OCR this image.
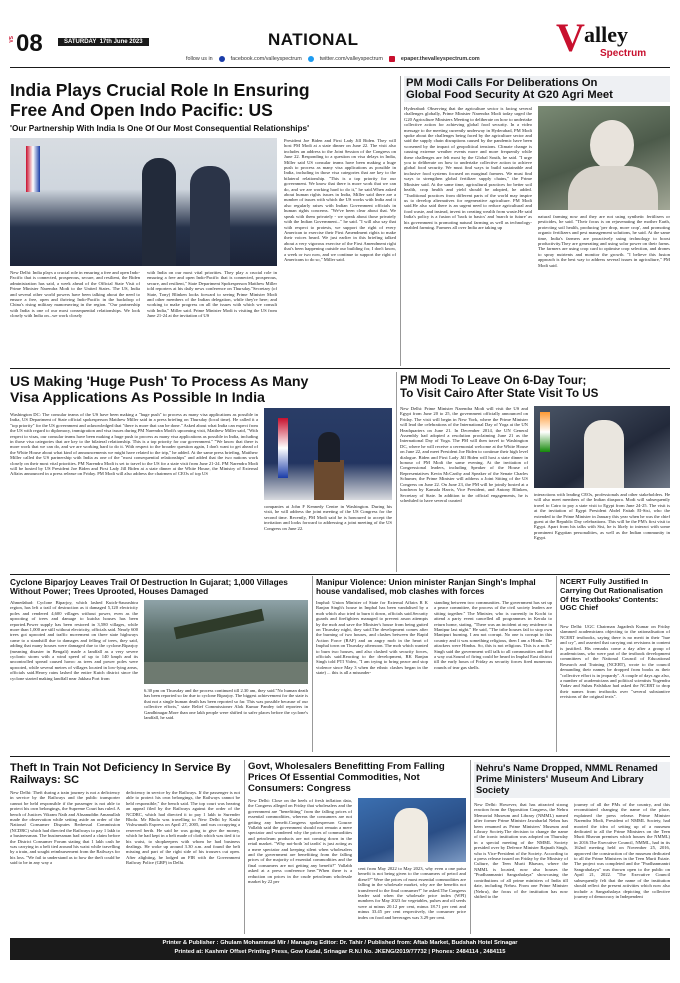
VS 08	SATURDAY  17th June 2023	NATIONAL
follow us in	facebook.com/valleyspectrum	twitter.com/valleyspectrum	epaper.thevalleyspectrum.com V alley
Spectrum
India Plays Crucial Role In Ensuring
Free And Open Indo Pacific: US
'Our Partnership With India Is One Of Our Most Consequential Relationships'
New Delhi: India plays a crucial role in ensuring a free and open Indo-Pacific that is connected, prosperous, secure, and resilient, the Biden administration has said, a week ahead of the Official State Visit of Prime Minister Narendra Modi to the United States. The US, India and several other world powers have been talking about the need to ensure a free, open and thriving Indo-Pacific in the backdrop of China's rising military manoeuvring in the region. "Our partnership with India is one of our most consequential relationships. We look closely with India on...we work closely
with India on our most vital priorities. They play a crucial role in ensuring a free and open Indo-Pacific that is connected, prosperous, secure, and resilient," State Department Spokesperson Matthew Miller told reporters at his daily news conference on Thursday."Secretary (of State, Tony) Blinken looks forward to seeing Prime Minister Modi and other members of the Indian delegation, while they're here; and working to make progress on all the issues with which we consult with India," Miller said. Prime Minister Modi is visiting the US from June 21-24 at the invitation of US
President Joe Biden and First Lady Jill Biden. They will host PM Modi at a state dinner on June 22. The visit also includes an address to the Joint Session of the Congress on June 22. Responding to a question on visa delays in India, Miller said US consular teams have been making a huge push to process as many visa applications as possible in India, including in those visa categories that are key to the bilateral relationship. "This is a top priority for our government. We know that there is more work that we can do, and we are working hard to do it," he said.When asked about human rights issues in India, Miller said there are a number of issues with which the US works with India and it also regularly raises with Indian Government officials in human rights concerns. "We've been clear about that. We speak with them privately - we speak about those privately with the Indian Government..." he said. "I will also say that with respect to protests, we support the right of every American to exercise their First Amendment rights to make their voices heard. We just earlier in this briefing talked about a very vigorous exercise of the First Amendment right that's been happening outside our building for, I don't know, a week or two now, and we continue to support the right of Americans to do so," Miller said.
PM Modi Calls For Deliberations On
Global Food Security At G20 Agri Meet
Hyderabad: Observing that the agriculture sector is facing several challenges globally, Prime Minister Narendra Modi today urged the G20 Agriculture Ministers Meeting to deliberate on how to undertake collective action for achieving global food security. In a video message to the meeting currently underway in Hyderabad, PM Modi spoke about the challenges being faced by the agriculture sector and said the supply chain disruptions caused by the pandemic have been worsened by the impact of geopolitical tensions. Climate change is causing extreme weather events more and more frequently while these challenges are felt most by the Global South, he said. "I urge you to deliberate on how to undertake collective action to achieve global food security. We must find ways to build sustainable and inclusive food systems focused on marginal farmers. We must find ways to strengthen global fertilizer supply chains," the Prime Minister said. At the same time, agricultural practices for better soil health, crop health and yield should be adopted, he added. "Traditional practices from different parts of the world may inspire us to develop alternatives for regenerative agriculture. PM Modi said.He also said there is an urgent need to reduce agricultural and food waste, and instead, invest in creating wealth from waste.He said India's policy is a fusion of 'back to basics' and 'march to future' as his government is promoting natural farming as well as technology-enabled farming. Farmers all over India are taking up
natural farming now and they are not using synthetic fertilisers or pesticides, he said. "Their focus is on rejuvenating the mother Earth, protecting soil health, producing 'per drop, more crop', and promoting organic fertilizers and pest management solutions, he said. At the same time, India's farmers are proactively using technology to boost productivity.They are generating and using solar power on their farms. The farmers are using crop card to optimise crop selection, and drones to spray nutrients and monitor the growth. "I believe this fusion approach is the best way to address several issues in agriculture," PM Modi said.
US Making 'Huge Push' To Process As Many
Visa Applications As Possible In India
Washington DC: The consular teams of the US have been making a "huge push" to process as many visa applications as possible in India, US Department of State official spokesperson Matthew Miller said in a press briefing on Thursday (local time). He called it a "top priority" for the US government and acknowledged that "there is more that can be done." Asked about what India can expect from the US with regard to diplomacy, immigration and visa issues during PM Narendra Modi's upcoming visit, Matthew Miller said, "With respect to visas, our consular teams have been making a huge push to process as many visa applications as possible in India, including in those visa categories that are key to the bilateral relationship. This is a top priority for our government." "We know that there is more work that we can do, and we are working hard to do it. With respect to the broader question again, I don't want to get ahead of the White House about what kind of announcements we might have related to the trip," he added. At the same press briefing, Matthew Miller called the US partnership with India as one of the "most consequential relationships" and added that the two nations work closely on their most vital priorities. PM Narendra Modi is set to travel to the US for a state visit from June 21-24. PM Narendra Modi will be hosted by US President Joe Biden and First Lady Jill Biden at a state dinner at the White House, the Ministry of External Affairs announced in a press release on Friday. PM Modi will also address the chairmen of CEOs of top US
companies at John F Kennedy Centre in Washington. During his visit, he will address the joint meeting of the US Congress for the second time. Recently, PM Modi said he is honoured to accept the invitation and looks forward to addressing a joint meeting of the US Congress on June 22.
PM Modi To Leave On 6-Day Tour;
To Visit Cairo After State Visit To US
New Delhi: Prime Minister Narendra Modi will visit the US and Egypt from June 20 to 25, the government officially announced on Friday. The visit will begin in New York, where the Prime Minister will lead the celebrations of the International Day of Yoga at the UN Headquarters on June 21. In December 2014, the UN General Assembly had adopted a resolution proclaiming June 21 as the International Day of Yoga. The PM will then travel to Washington DC, where he will receive a ceremonial welcome at the White House on June 22, and meet President Joe Biden to continue their high level dialogue. Biden and First Lady Jill Biden will host a state dinner in honour of PM Modi the same evening. At the invitation of Congressional leaders, including Speaker of the House of Representatives Kevin McCarthy and Speaker of the Senate Charles Schumer, the Prime Minister will address a Joint Sitting of the US Congress on June 22. On June 23, the PM will be jointly hosted at a luncheon by Kamala Harris, Vice President, and Antony Blinken, Secretary of State. In addition to the official engagements, he is scheduled to have several curated
interactions with leading CEOs, professionals and other stakeholders. He will also meet members of the Indian diaspora. Modi will subsequently travel to Cairo to pay a state visit to Egypt from June 24-25. The visit is at the invitation of Egypt President Abdel Fattah El-Sisi, who the extended to the Prime Minister in January this year when he was the chief guest at the Republic Day celebrations. This will be the PM's first visit to Egypt. Apart from his talks with Sisi, he is likely to interact with some prominent Egyptian personalities, as well as the Indian community in Egypt.
Cyclone Biparjoy Leaves Trail Of Destruction In Gujarat; 1,000 Villages Without Power; Trees Uprooted, Houses Damaged
Ahmedabad: Cyclone Biparjoy, which lashed Kutch-Saurashtra region, has left a trail of destruction as it damaged 5,120 electricity poles and rendered 4,600 villages without power, even as the uprooting of trees and damage to kutcha houses has been reported.Power supply has been restored in 3,580 villages, while more than 1,000 are still without electricity, officials said. Nearly 600 trees got uprooted and traffic movement on three state highways came to a standstill due to damages and felling of trees, they said, adding that many houses were damaged due to the cyclone.Biparjoy (meaning disaster in Bengali) made a landfall as a very severe cyclonic storm with a wind speed of up to 140 kmph and its uncontrolled spread caused havoc as trees and power poles were uprooted, while several metres of villages located in low-lying areas, officials said.Heavy rains lashed the entire Kutch district since the cyclone started making landfall near Jakhau Port from
6.30 pm on Thursday and the process continued till 2.30 am, they said."No human death has been reported so far due to cyclone Biparjoy. The biggest achievement for the state is that not a single human death has been reported so far. This was possible because of our collective efforts," state Relief Commissioner Alok Kumar Pandey told reporters in Gandhinagar.More than one lakh people were shifted to safer places before the cyclone's landfall, he said.
Manipur Violence: Union minister Ranjan Singh's Imphal house vandalised, mob clashes with forces
Imphal: Union Minister of State for External Affairs R K Ranjan Singh's house in Imphal has been vandalised by a mob which also tried to burn it down, officials said.Security guards and firefighters managed to prevent arson attempts by the mob and save the Minister's house from being gutted on Thursday night, they said.The development comes after the burning of two houses, and clashes between the Rapid Action Force (RAF) and an angry mob in the heart of Imphal town on Thursday afternoon. The mob which wanted to burn two houses, and also clashed with security forces, officials said.Reacting to the development, RK Ranjan Singh told PTI Video, "I am trying to bring peace and stop violence since May 3 when the ethnic clashes began in the state) ... this is all a misunder-
standing between two communities. The government has set up a peace committee, the process of the civil society leaders are sitting together." The Minister, who is currently in Kochi to attend a party event cancelled all programmes in Kerala to return home, stating, "There was an incident at my residence in Manipur last night." He said, "The tribe houses fail to stop own Manipuri burning. I am not corrupt. No one is corrupt in this country and it was something religious, then I am a Hindu. The attackers were Hindus. So, this is not religious. This is a mob." Singh said the government will talk to all communities and find a way out.Sound of firing could be heard in Imphal East district till the early hours of Friday as security forces fired numerous rounds of tear gas shells.
NCERT Fully Justified In Carrying Out Rationalisation Of Its Textbooks' Contents: UGC Chief
New Delhi: UGC Chairman Jagadesh Kumar on Friday slammed academicians objecting to the rationalisation of NCERT textbooks, saying there is no merit in their "hue and cry", and asserted that carrying out revisions in content is justified. His remarks come a day after a group of academicians, who were part of the textbook development committees of the National Council of Educational Research and Training (NCERT), wrote to the council demanding their names be dropped from books as their "collective effort is in jeopardy". A couple of days ago also, a number of academicians and political scientists Yogendra Yadav and Suhas Palshikar had asked the NCERT to drop their names from textbooks over "several substantive revisions of the original texts".
Theft In Train Not Deficiency In Service By Railways: SC
New Delhi: Theft during a train journey is not a deficiency in service by the Railways and the public transporter cannot be held responsible if the passenger is not able to protect his own belongings, the Supreme Court has ruled. A bench of Justices Vikram Nath and Ahsanuddin Amanullah made the observation while setting aside an order of the National Consumer Disputes Redressal Commission (NCDRC) which had directed the Railways to pay 1 lakh to a businessman. The businessman had raised a claim before the District Consumer Forum stating that 1 lakh cash he was carrying in a belt tied around his waist while travelling by a train, and sought reimbursement from the Railways for his loss. "We fail to understand as to how the theft could be said to be in any way a
deficiency in service by the Railways. If the passenger is not able to protect his own belongings, the Railways cannot be held responsible," the bench said. The top court was hearing an appeal filed by the Railways against the order of the NCDRC, which had directed it to pay 1 lakh to Surender Bhola. Mr Bhola was travelling to New Delhi by Kashi Vishwanath Express on April 27, 2005, and was occupying a reserved berth. He said he was going to give the money, which he had kept in a belt made of cloth which was tied it to his waist, to shopkeepers with whom he had business dealings. He woke up around 3.30 a.m. and found the belt missing and part of the right side of his trousers cut open. After alighting, he lodged an FIR with the Government Railway Police (GRP) in Delhi.
Govt, Wholesalers Benefitting From Falling Prices Of Essential Commodities, Not Consumers: Congress
New Delhi: Close on the heels of fresh inflation data, the Congress alleged on Friday that wholesalers and the government are "benefitting" from the falling prices of essential commodities, whereas the consumers are not getting any benefit.Congress spokesperson Gourav Vallabh said the government should not remain a mere spectator and wondered why the prices of commodities and petroleum products are not coming down in the retail market. "Why not-both 'ad tardis' is just acting as a mere spectator and keeping silent when wholesalers and the government are benefitting from the falling prices of the majority of essential commodities and the final consumers are not getting any benefit?" Vallabh asked at a press conference here."When there is a reduction on prices in the crude petroleum wholesale market by 22 per
cent from May 2022 to May 2023, why even a one paisa benefit is not being given to the consumers of petrol and diesel?" Were the prices of most essential commodities are falling in the wholesale market, why are the benefits not transferred to the final consumer?" he asked.The Congress leader said when the wholesale price index (WPI) numbers for May 2023 for vegetables, pulses and oil seeds were at minus 20.12 per cent, minus 18.71 per cent and minus 33.45 per cent respectively, the consumer price index on food and beverages was 3.29 per cent.
Nehru's Name Dropped, NMML Renamed Prime Ministers' Museum And Library Society
New Delhi: However, that has attracted strong reaction from the Opposition Congress, the Nehru Memorial Museum and Library (NMML) named after former Prime Minister Jawaharlal Nehru has been renamed as Prime Ministers' Museum and Library Society.The decision to change the name of the iconic institution was adopted on Thursday in a special meeting of the NMML Society presided over by Defence Minister Rajnath Singh, who is Vice-President of the Society. According to a press release issued on Friday by the Ministry of Culture, the Teen Murti Bhavan, where the NMML is located, now also houses the "Pradhanmantri Sangrahalaya" showcasing the contributions of all prime ministers of India till date, including Nehru. From one Prime Minister (Nehru), the focus of the institution has now shifted to the
journey of all the PMs of the country, and this reconstituted changing the name of the place, explained the press release. Prime Minister Narendra Modi, President of NMML Society, had mooted the idea of setting up of a museum dedicated to all the Prime Ministers on the Teen Murti Bhavan premises which houses the NMML) in 2016.The Executive Council, NMML, had in its 162nd meeting held on November 25, 2016, approved the construction of the museum dedicated to all the Prime Ministers in the Teen Murti Estate. The project was completed and the "Pradhanmantri Sangrahalaya" was thrown open to the public on April 21, 2022. "The Executive Council subsequently felt that the name of the institution should reflect the present activities which now also include a Sangrahalaya depicting the collective journey of democracy in Independent
Printer & Publisher : Ghulam Mohammad Mir / Managing Editor: Dr. Tahir / Published from: Aftab Market, Budshah Hotel Srinagar
Printed at: Kashmir Offset Printing Press, Gow Kadal, Srinagar R.N.I No. JKENG/2019/77732 | Phones: 2484114 , 2484115
